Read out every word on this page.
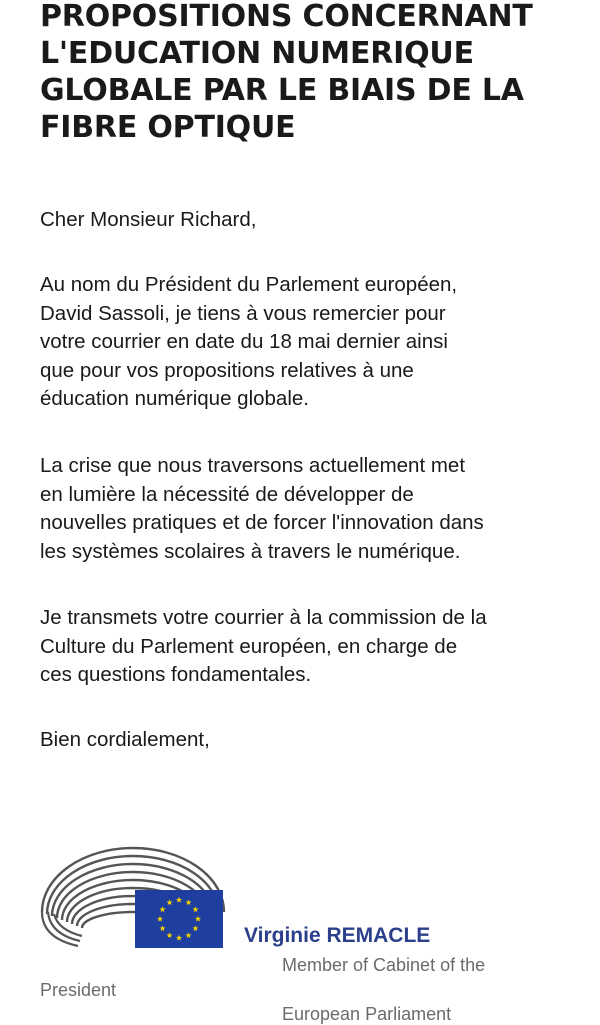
PROPOSITIONS CONCERNANT
L'EDUCATION NUMERIQUE
GLOBALE PAR LE BIAIS DE LA
FIBRE OPTIQUE
Cher Monsieur Richard,
Au nom du Président du Parlement européen,
David Sassoli, je tiens à vous remercier pour
votre courrier en date du 18 mai dernier ainsi
que pour vos propositions relatives à une
éducation numérique globale.
La crise que nous traversons actuellement met
en lumière la nécessité de développer de
nouvelles pratiques et de forcer l'innovation dans
les systèmes scolaires à travers le numérique.
Je transmets votre courrier à la commission de la
Culture du Parlement européen, en charge de
ces questions fondamentales.
Bien cordialement,
Virginie REMACLE
Member of Cabinet of the
President
European Parliament
